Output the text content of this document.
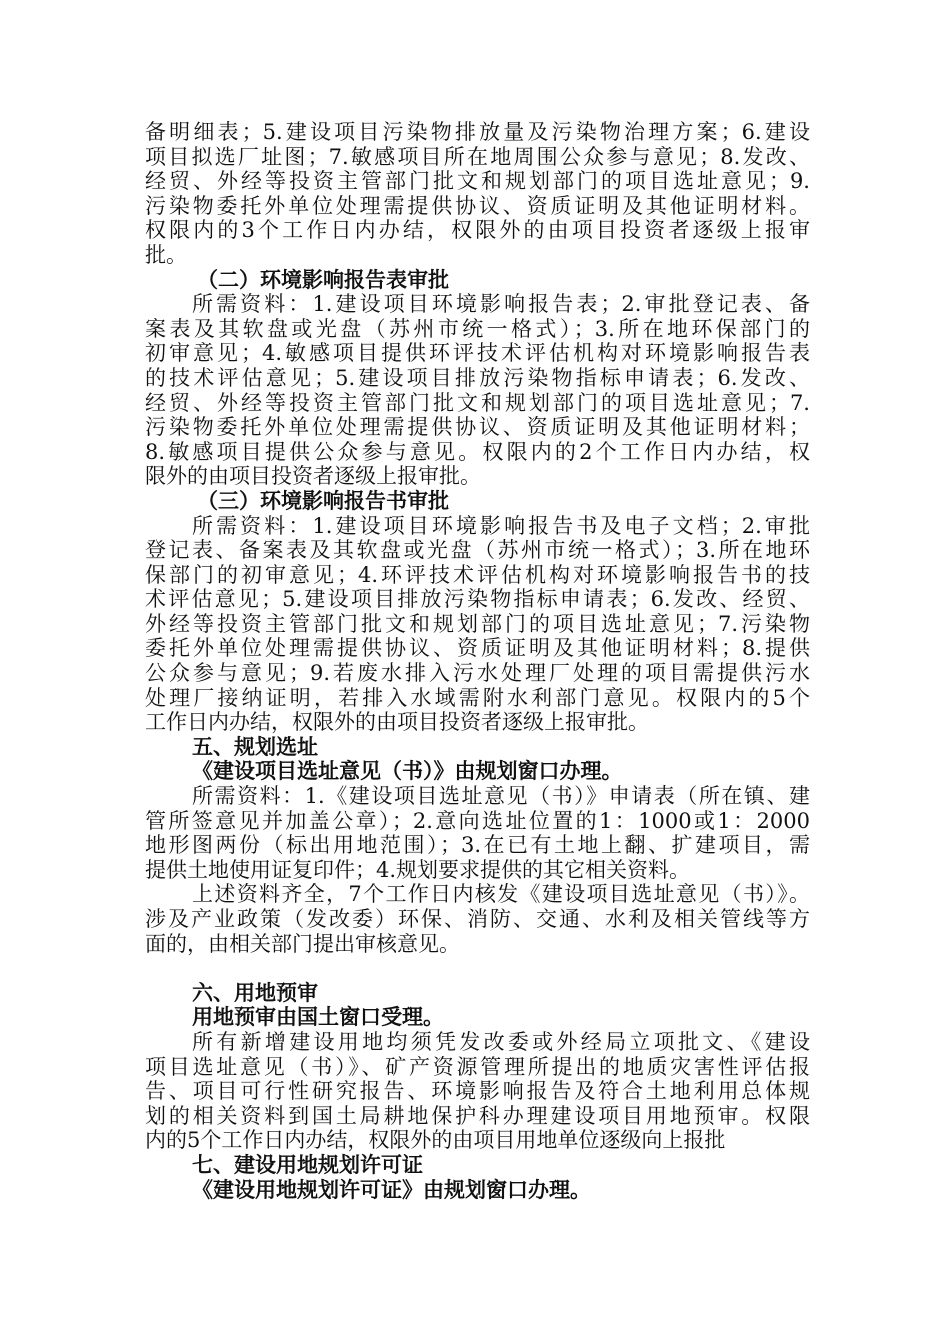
备明细表；5.建设项目污染物排放量及污染物治理方案；6.建设
项目拟选厂址图；7.敏感项目所在地周围公众参与意见；8.发改、
经贸、外经等投资主管部门批文和规划部门的项目选址意见；9.
污染物委托外单位处理需提供协议、资质证明及其他证明材料。
权限内的3个工作日内办结，权限外的由项目投资者逐级上报审
批。
（二）环境影响报告表审批
所需资料：1.建设项目环境影响报告表；2.审批登记表、备
案表及其软盘或光盘（苏州市统一格式）；3.所在地环保部门的
初审意见；4.敏感项目提供环评技术评估机构对环境影响报告表
的技术评估意见；5.建设项目排放污染物指标申请表；6.发改、
经贸、外经等投资主管部门批文和规划部门的项目选址意见；7.
污染物委托外单位处理需提供协议、资质证明及其他证明材料；
8.敏感项目提供公众参与意见。权限内的2个工作日内办结，权
限外的由项目投资者逐级上报审批。
（三）环境影响报告书审批
所需资料：1.建设项目环境影响报告书及电子文档；2.审批
登记表、备案表及其软盘或光盘（苏州市统一格式）；3.所在地环
保部门的初审意见；4.环评技术评估机构对环境影响报告书的技
术评估意见；5.建设项目排放污染物指标申请表；6.发改、经贸、
外经等投资主管部门批文和规划部门的项目选址意见；7.污染物
委托外单位处理需提供协议、资质证明及其他证明材料；8.提供
公众参与意见；9.若废水排入污水处理厂处理的项目需提供污水
处理厂接纳证明，若排入水域需附水利部门意见。权限内的5个
工作日内办结，权限外的由项目投资者逐级上报审批。
五、规划选址
《建设项目选址意见（书）》由规划窗口办理。
所需资料：1.《建设项目选址意见（书）》申请表（所在镇、建
管所签意见并加盖公章）；2.意向选址位置的1：1000或1：2000
地形图两份（标出用地范围）；3.在已有土地上翻、扩建项目，需
提供土地使用证复印件；4.规划要求提供的其它相关资料。
上述资料齐全，7个工作日内核发《建设项目选址意见（书）》。
涉及产业政策（发改委）环保、消防、交通、水利及相关管线等方
面的，由相关部门提出审核意见。
六、用地预审
用地预审由国土窗口受理。
所有新增建设用地均须凭发改委或外经局立项批文、《建设
项目选址意见（书）》、矿产资源管理所提出的地质灾害性评估报
告、项目可行性研究报告、环境影响报告及符合土地利用总体规
划的相关资料到国土局耕地保护科办理建设项目用地预审。权限
内的5个工作日内办结，权限外的由项目用地单位逐级向上报批
七、建设用地规划许可证
《建设用地规划许可证》由规划窗口办理。
